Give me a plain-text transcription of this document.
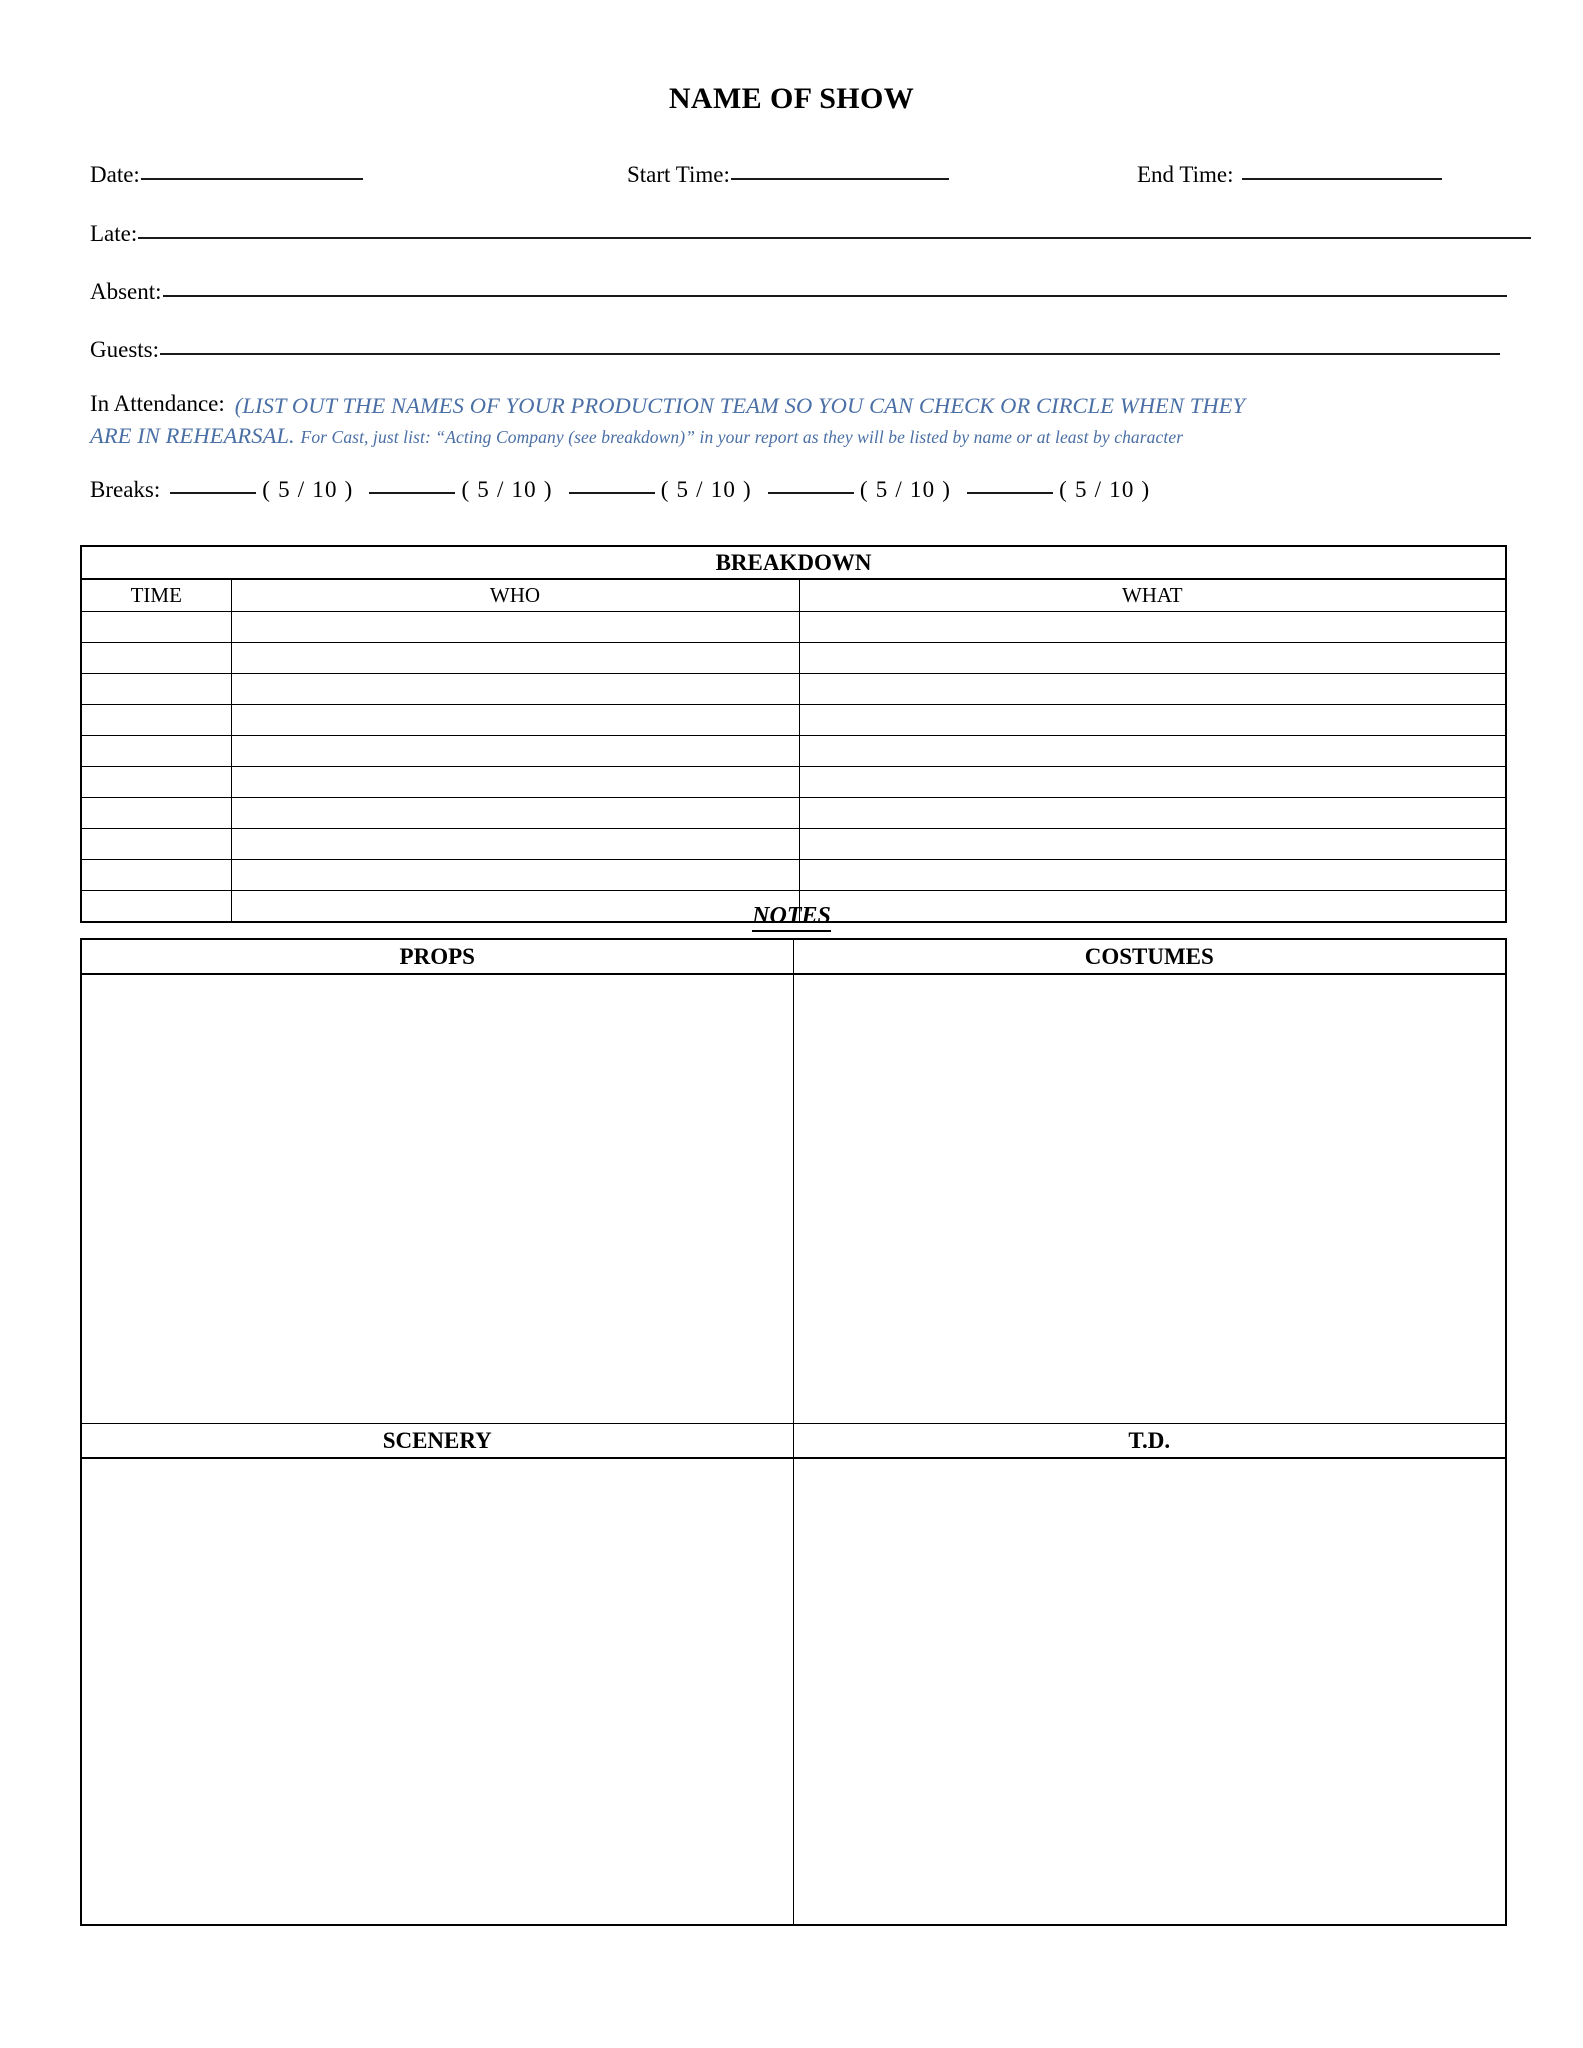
NAME OF SHOW
Date:	Start Time:	End Time:
Late:
Absent:
Guests:
In Attendance: (LIST OUT THE NAMES OF YOUR PRODUCTION TEAM SO YOU CAN CHECK OR CIRCLE WHEN THEY
ARE IN REHEARSAL. For Cast, just list: “Acting Company (see breakdown)” in your report as they will be listed by name or at least by character
Breaks:	( 5 / 10 )	( 5 / 10 )	( 5 / 10 )	( 5 / 10 )	( 5 / 10 )
BREAKDOWN		
TIME	WHO	WHAT

NOTES
PROPS	COSTUMES

SCENERY	T.D.
